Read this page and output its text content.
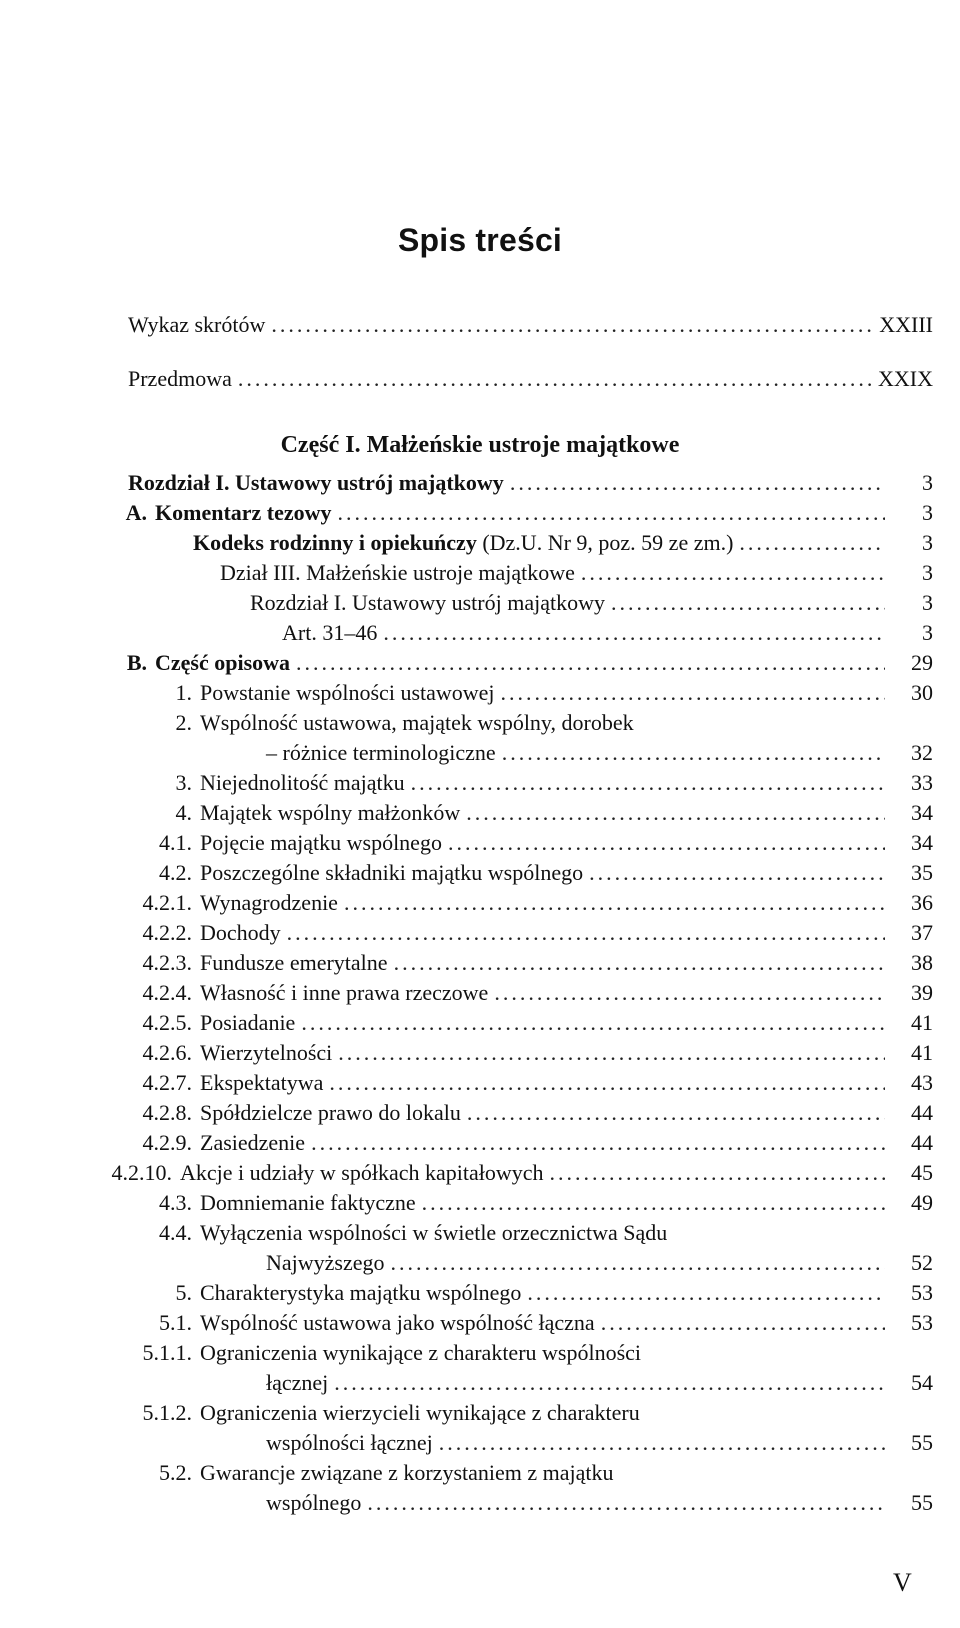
Spis treści
Część I. Małżeńskie ustroje majątkowe
Wykaz skrótów .....	XXIII
Przedmowa .....	XXIX
Rozdział I. Ustawowy ustrój majątkowy .....	3
A. Komentarz tezowy .....	3
Kodeks rodzinny i opiekuńczy (Dz.U. Nr 9, poz. 59 ze zm.) .....	3
Dział III. Małżeńskie ustroje majątkowe .....	3
Rozdział I. Ustawowy ustrój majątkowy .....	3
Art. 31–46 .....	3
B. Część opisowa .....	29
1. Powstanie wspólności ustawowej .....	30
2. Wspólność ustawowa, majątek wspólny, dorobek
– różnice terminologiczne .....	32
3. Niejednolitość majątku .....	33
4. Majątek wspólny małżonków .....	34
4.1. Pojęcie majątku wspólnego .....	34
4.2. Poszczególne składniki majątku wspólnego .....	35
4.2.1. Wynagrodzenie .....	36
4.2.2. Dochody .....	37
4.2.3. Fundusze emerytalne .....	38
4.2.4. Własność i inne prawa rzeczowe .....	39
4.2.5. Posiadanie .....	41
4.2.6. Wierzytelności .....	41
4.2.7. Ekspektatywa .....	43
4.2.8. Spółdzielcze prawo do lokalu .....	44
4.2.9. Zasiedzenie .....	44
4.2.10. Akcje i udziały w spółkach kapitałowych .....	45
4.3. Domniemanie faktyczne .....	49
4.4. Wyłączenia wspólności w świetle orzecznictwa Sądu
Najwyższego .....	52
5. Charakterystyka majątku wspólnego .....	53
5.1. Wspólność ustawowa jako wspólność łączna .....	53
5.1.1. Ograniczenia wynikające z charakteru wspólności
łącznej .....	54
5.1.2. Ograniczenia wierzycieli wynikające z charakteru
wspólności łącznej .....	55
5.2. Gwarancje związane z korzystaniem z majątku
wspólnego .....	55
V
